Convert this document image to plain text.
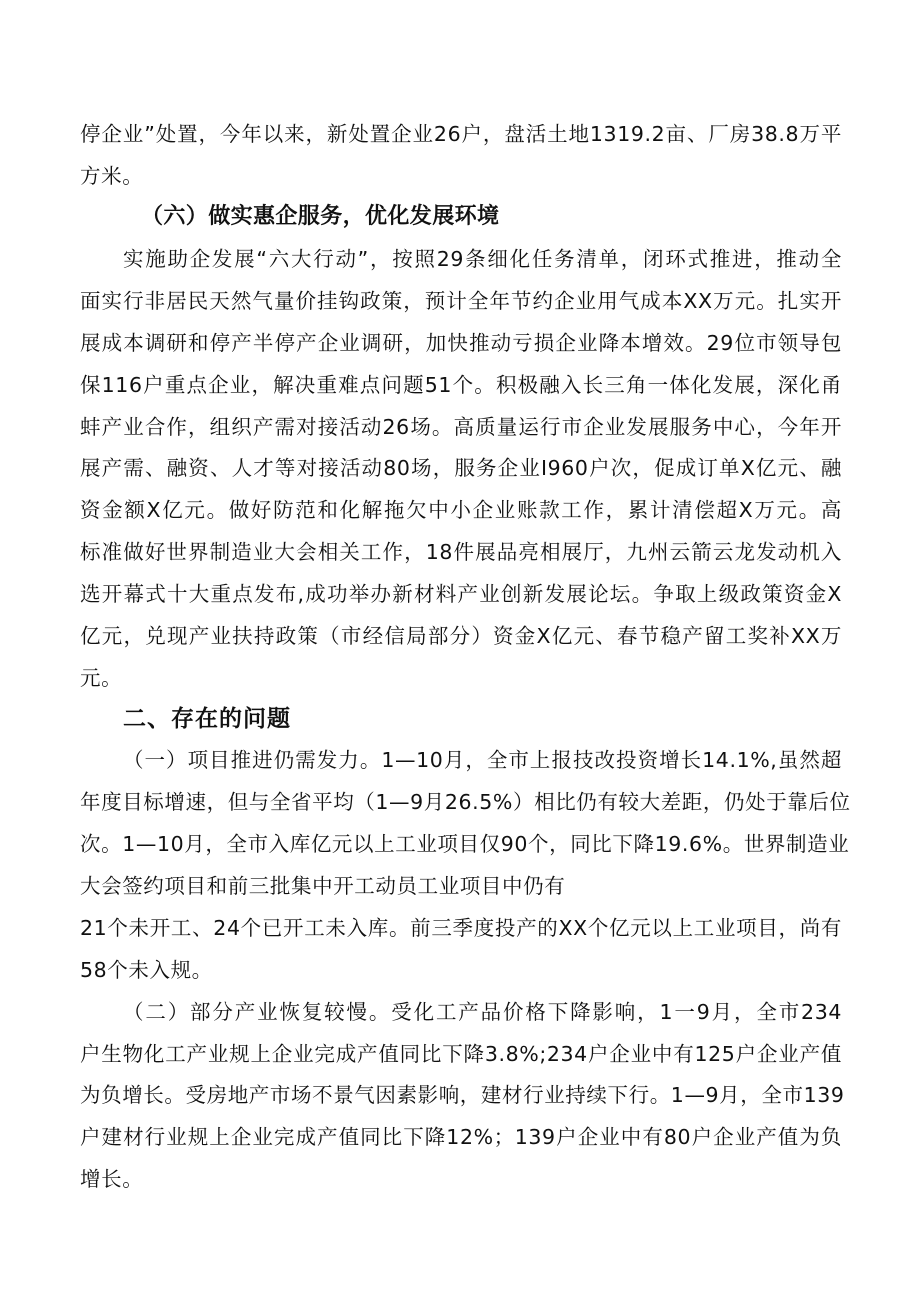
停企业”处置，今年以来，新处置企业26户，盘活土地1319.2亩、厂房38.8万平
方米。
（六）做实惠企服务，优化发展环境
实施助企发展“六大行动”，按照29条细化任务清单，闭环式推进，推动全
面实行非居民天然气量价挂钩政策，预计全年节约企业用气成本XX万元。扎实开
展成本调研和停产半停产企业调研，加快推动亏损企业降本增效。29位市领导包
保116户重点企业，解决重难点问题51个。积极融入长三角一体化发展，深化甬
蚌产业合作，组织产需对接活动26场。高质量运行市企业发展服务中心，今年开
展产需、融资、人才等对接活动80场，服务企业I960户次，促成订单X亿元、融
资金额X亿元。做好防范和化解拖欠中小企业账款工作，累计清偿超X万元。高
标准做好世界制造业大会相关工作，18件展品亮相展厅，九州云箭云龙发动机入
选开幕式十大重点发布,成功举办新材料产业创新发展论坛。争取上级政策资金X
亿元，兑现产业扶持政策（市经信局部分）资金X亿元、春节稳产留工奖补XX万
元。
二、存在的问题
（一）项目推进仍需发力。1—10月，全市上报技改投资增长14.1%,虽然超
年度目标增速，但与全省平均（1—9月26.5%）相比仍有较大差距，仍处于靠后位
次。1—10月，全市入库亿元以上工业项目仅90个，同比下降19.6%。世界制造业
大会签约项目和前三批集中开工动员工业项目中仍有
21个未开工、24个已开工未入库。前三季度投产的XX个亿元以上工业项目，尚有
58个未入规。
（二）部分产业恢复较慢。受化工产品价格下降影响，1一9月，全市234
户生物化工产业规上企业完成产值同比下降3.8%;234户企业中有125户企业产值
为负增长。受房地产市场不景气因素影响，建材行业持续下行。1—9月，全市139
户建材行业规上企业完成产值同比下降12%；139户企业中有80户企业产值为负
增长。
